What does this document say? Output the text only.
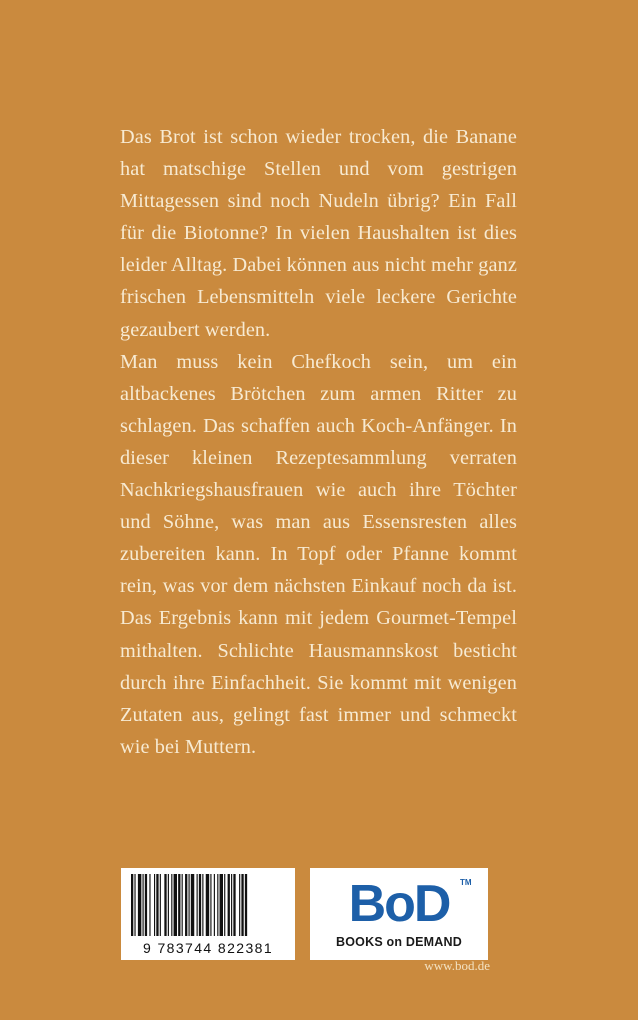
Das Brot ist schon wieder trocken, die Banane hat matschige Stellen und vom gestrigen Mittagessen sind noch Nudeln übrig? Ein Fall für die Biotonne? In vielen Haushalten ist dies leider Alltag. Dabei können aus nicht mehr ganz frischen Lebensmitteln viele leckere Gerichte gezaubert werden.

Man muss kein Chefkoch sein, um ein altbackenes Brötchen zum armen Ritter zu schlagen. Das schaffen auch Koch-Anfänger. In dieser kleinen Rezeptesammlung verraten Nachkriegshausfrauen wie auch ihre Töchter und Söhne, was man aus Essensresten alles zubereiten kann. In Topf oder Pfanne kommt rein, was vor dem nächsten Einkauf noch da ist. Das Ergebnis kann mit jedem Gourmet-Tempel mithalten. Schlichte Hausmannskost besticht durch ihre Einfachheit. Sie kommt mit wenigen Zutaten aus, gelingt fast immer und schmeckt wie bei Muttern.

9 783744 822381
BoD	TM
BOOKS on DEMAND
www.bod.de
